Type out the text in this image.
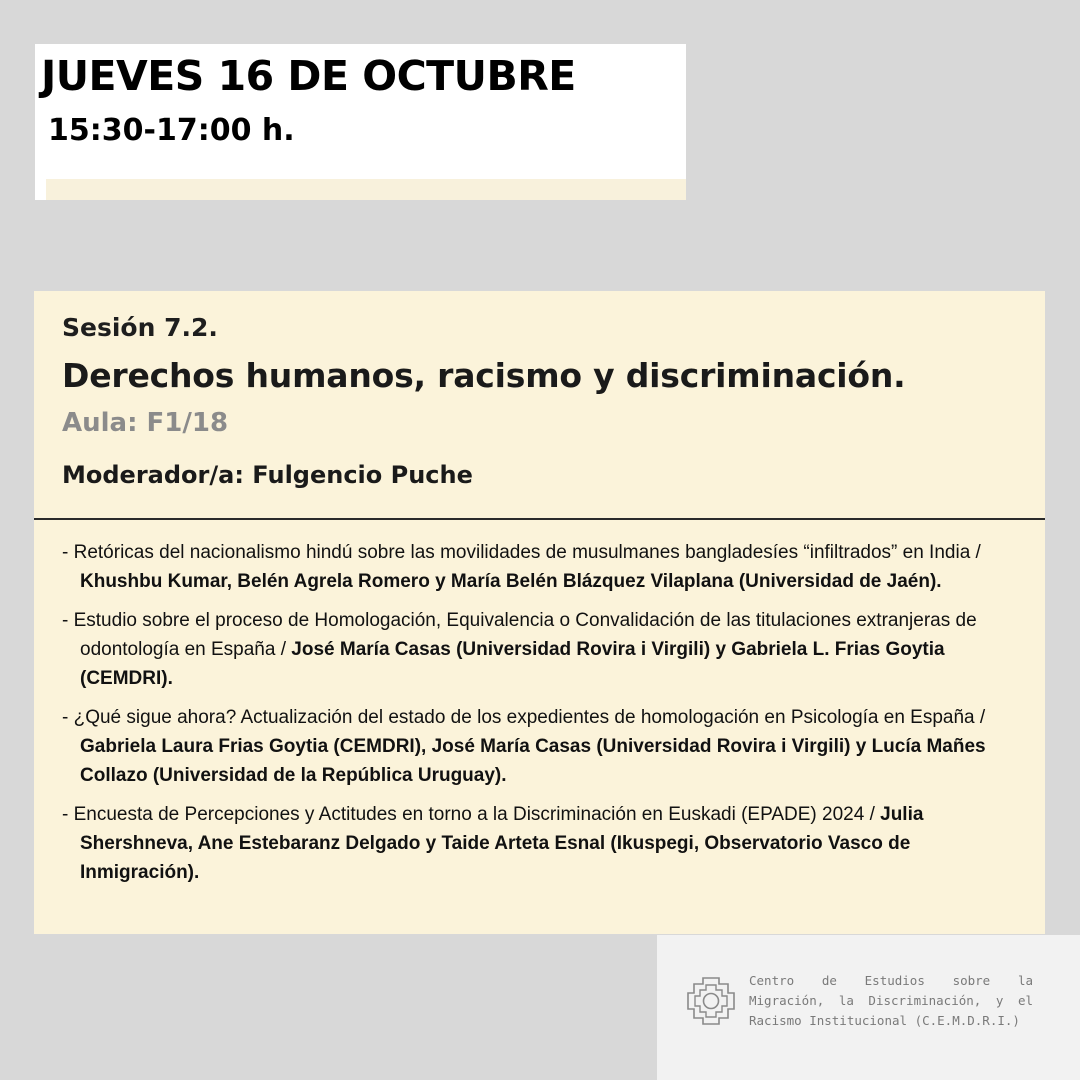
JUEVES 16 DE OCTUBRE

15:30-17:00 h.

Sesión 7.2.

Derechos humanos, racismo y discriminación.

Aula: F1/18

Moderador/a: Fulgencio Puche

- Retóricas del nacionalismo hindú sobre las movilidades de musulmanes bangladesíes “infiltrados” en India / Khushbu Kumar, Belén Agrela Romero y María Belén Blázquez Vilaplana (Universidad de Jaén).
- Estudio sobre el proceso de Homologación, Equivalencia o Convalidación de las titulaciones extranjeras de odontología en España / José María Casas (Universidad Rovira i Virgili) y Gabriela L. Frias Goytia (CEMDRI).
- ¿Qué sigue ahora? Actualización del estado de los expedientes de homologación en Psicología en España / Gabriela Laura Frias Goytia (CEMDRI), José María Casas (Universidad Rovira i Virgili) y Lucía Mañes Collazo (Universidad de la República Uruguay).
- Encuesta de Percepciones y Actitudes en torno a la Discriminación en Euskadi (EPADE) 2024 / Julia Shershneva, Ane Estebaranz Delgado y Taide Arteta Esnal (Ikuspegi, Observatorio Vasco de Inmigración).
Centro de Estudios sobre la Migración, la Discriminación, y el Racismo Institucional (C.E.M.D.R.I.)
